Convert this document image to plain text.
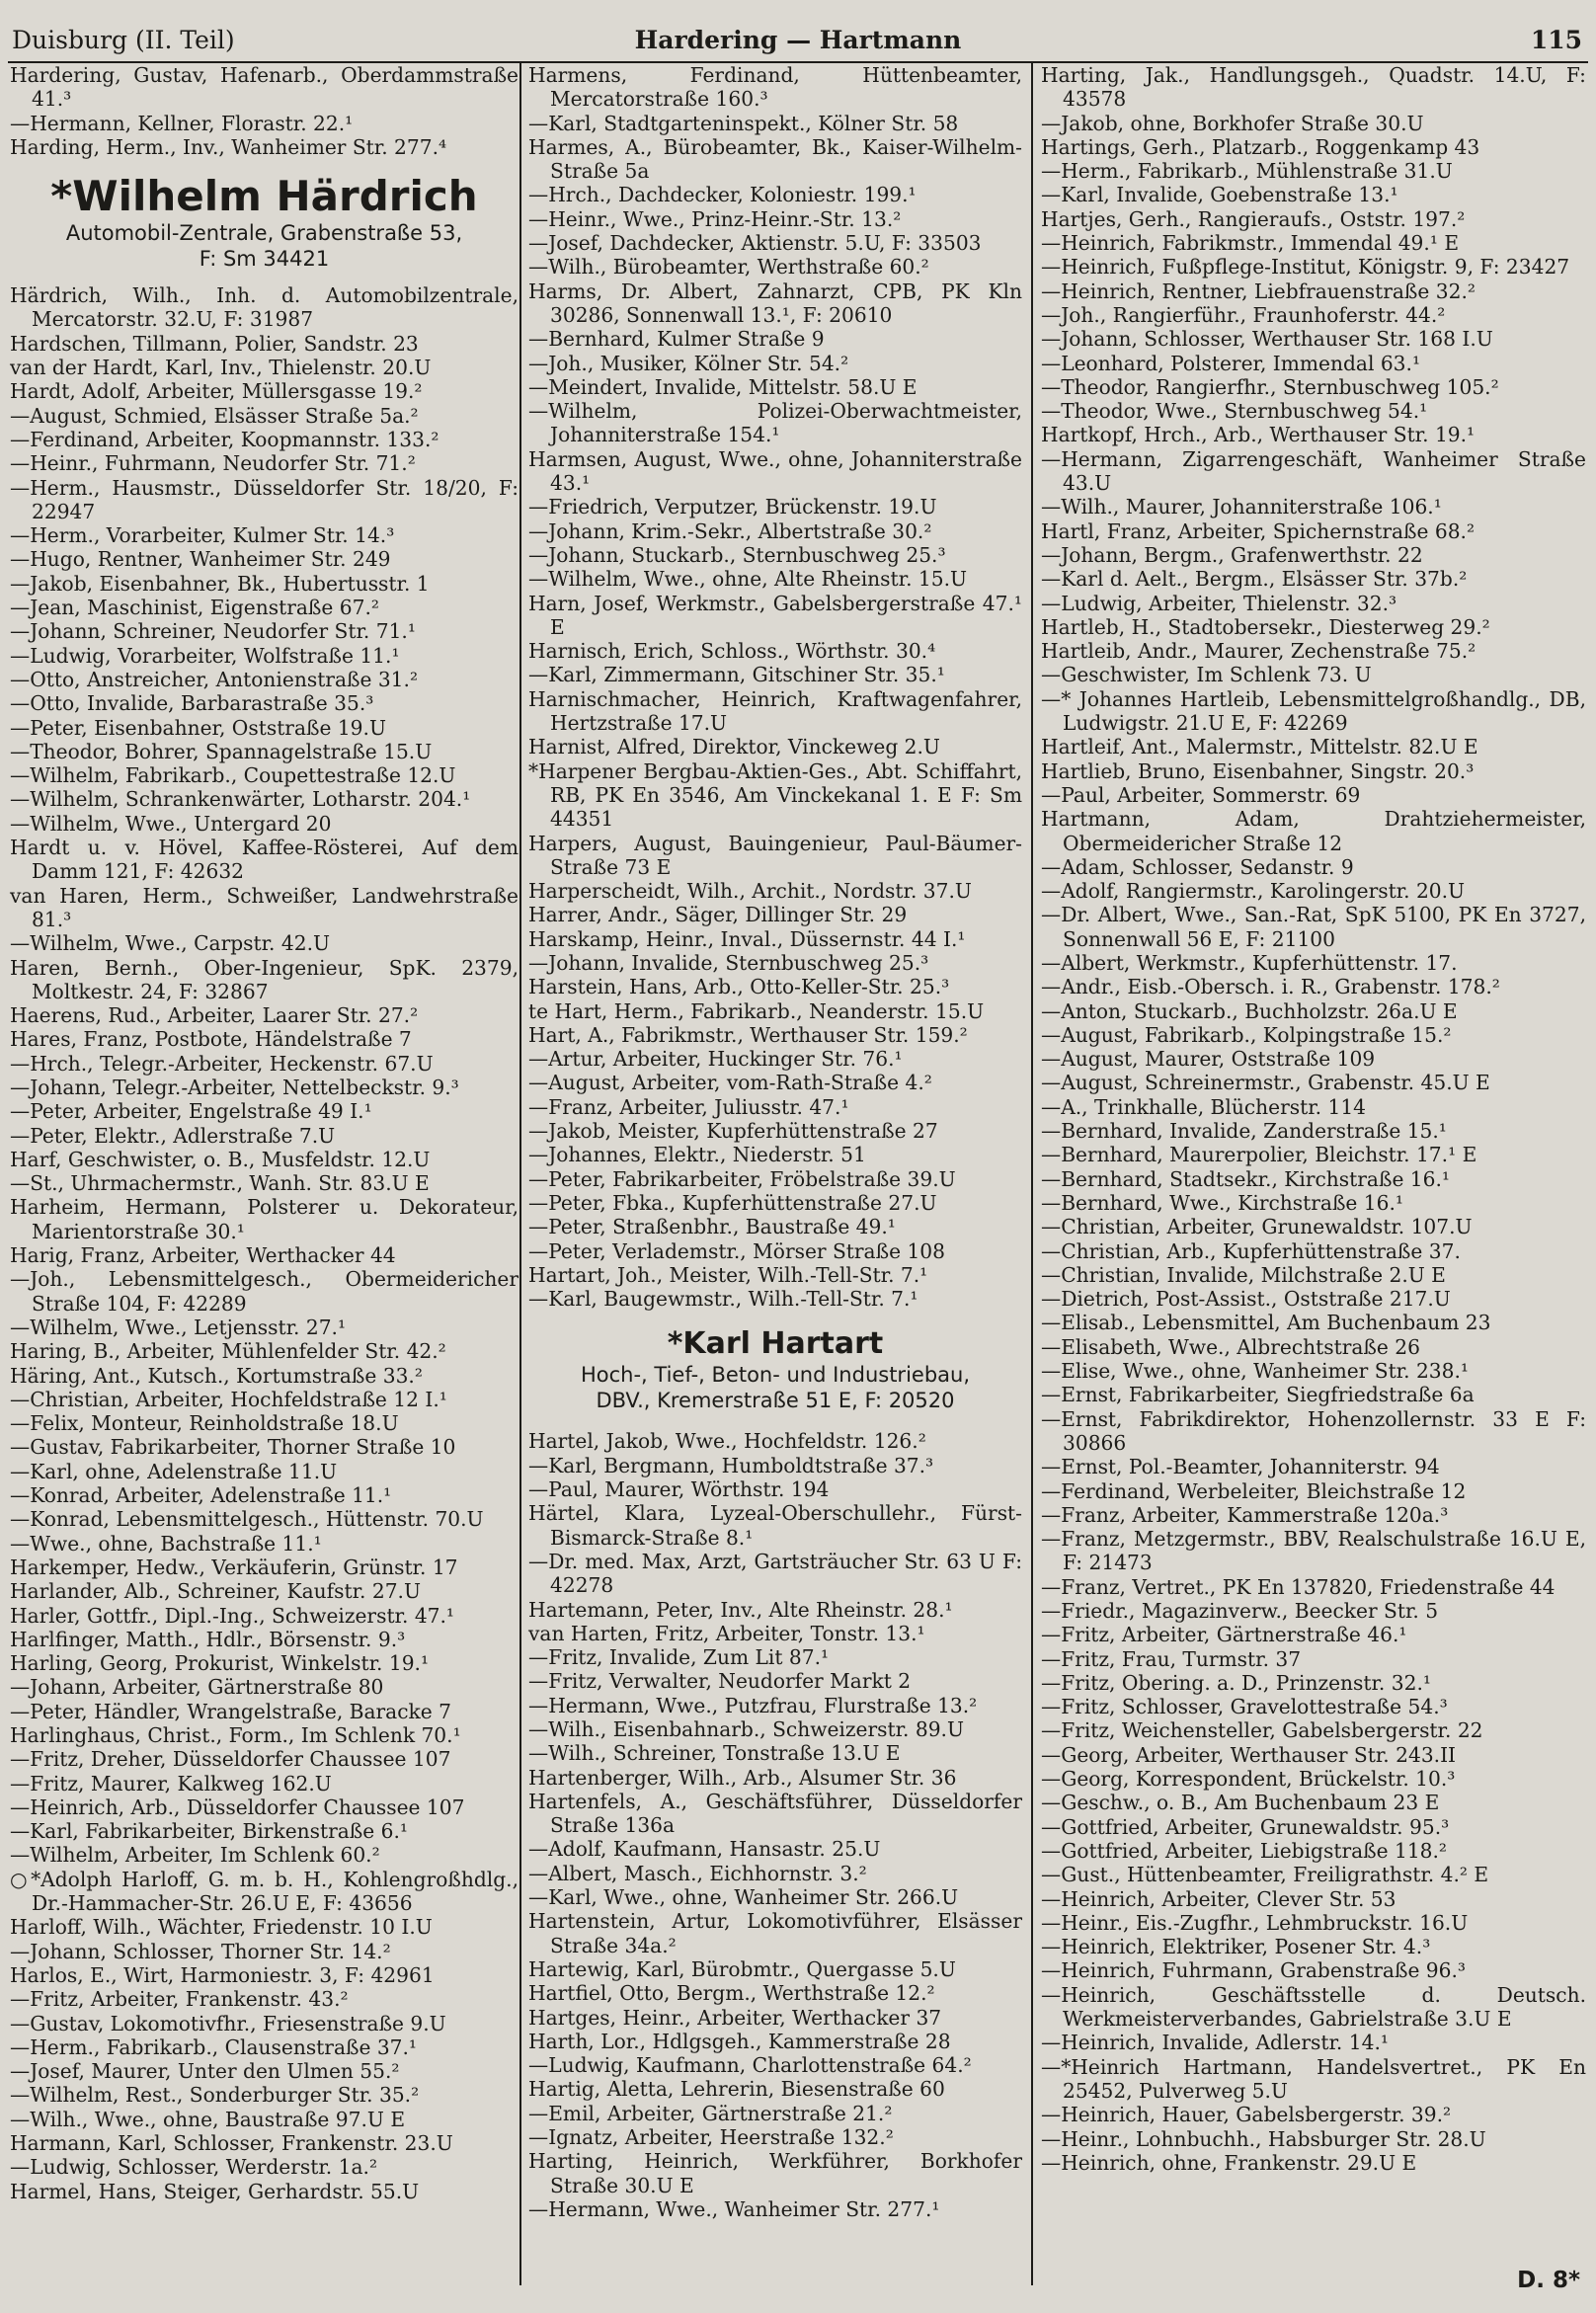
Duisburg (II. Teil)	Hardering — Hartmann	115

Hardering, Gustav, Hafenarb., Oberdammstraße 41.³

—Hermann, Kellner, Florastr. 22.¹

Harding, Herm., Inv., Wanheimer Str. 277.⁴

*Wilhelm Härdrich
Automobil-Zentrale, Grabenstraße 53,
F: Sm 34421

Härdrich, Wilh., Inh. d. Automobilzentrale, Mercatorstr. 32.U, F: 31987

Hardschen, Tillmann, Polier, Sandstr. 23

van der Hardt, Karl, Inv., Thielenstr. 20.U

Hardt, Adolf, Arbeiter, Müllersgasse 19.²

—August, Schmied, Elsässer Straße 5a.²

—Ferdinand, Arbeiter, Koopmannstr. 133.²

—Heinr., Fuhrmann, Neudorfer Str. 71.²

—Herm., Hausmstr., Düsseldorfer Str. 18/20, F: 22947

—Herm., Vorarbeiter, Kulmer Str. 14.³

—Hugo, Rentner, Wanheimer Str. 249

—Jakob, Eisenbahner, Bk., Hubertusstr. 1

—Jean, Maschinist, Eigenstraße 67.²

—Johann, Schreiner, Neudorfer Str. 71.¹

—Ludwig, Vorarbeiter, Wolfstraße 11.¹

—Otto, Anstreicher, Antonienstraße 31.²

—Otto, Invalide, Barbarastraße 35.³

—Peter, Eisenbahner, Oststraße 19.U

—Theodor, Bohrer, Spannagelstraße 15.U

—Wilhelm, Fabrikarb., Coupettestraße 12.U

—Wilhelm, Schrankenwärter, Lotharstr. 204.¹

—Wilhelm, Wwe., Untergard 20

Hardt u. v. Hövel, Kaffee-Rösterei, Auf dem Damm 121, F: 42632

van Haren, Herm., Schweißer, Landwehrstraße 81.³

—Wilhelm, Wwe., Carpstr. 42.U

Haren, Bernh., Ober-Ingenieur, SpK. 2379, Moltkestr. 24, F: 32867

Haerens, Rud., Arbeiter, Laarer Str. 27.²

Hares, Franz, Postbote, Händelstraße 7

—Hrch., Telegr.-Arbeiter, Heckenstr. 67.U

—Johann, Telegr.-Arbeiter, Nettelbeckstr. 9.³

—Peter, Arbeiter, Engelstraße 49 I.¹

—Peter, Elektr., Adlerstraße 7.U

Harf, Geschwister, o. B., Musfeldstr. 12.U

—St., Uhrmachermstr., Wanh. Str. 83.U E

Harheim, Hermann, Polsterer u. Dekorateur, Marientorstraße 30.¹

Harig, Franz, Arbeiter, Werthacker 44

—Joh., Lebensmittelgesch., Obermeidericher Straße 104, F: 42289

—Wilhelm, Wwe., Letjensstr. 27.¹

Haring, B., Arbeiter, Mühlenfelder Str. 42.²

Häring, Ant., Kutsch., Kortumstraße 33.²

—Christian, Arbeiter, Hochfeldstraße 12 I.¹

—Felix, Monteur, Reinholdstraße 18.U

—Gustav, Fabrikarbeiter, Thorner Straße 10

—Karl, ohne, Adelenstraße 11.U

—Konrad, Arbeiter, Adelenstraße 11.¹

—Konrad, Lebensmittelgesch., Hüttenstr. 70.U

—Wwe., ohne, Bachstraße 11.¹

Harkemper, Hedw., Verkäuferin, Grünstr. 17

Harlander, Alb., Schreiner, Kaufstr. 27.U

Harler, Gottfr., Dipl.-Ing., Schweizerstr. 47.¹

Harlfinger, Matth., Hdlr., Börsenstr. 9.³

Harling, Georg, Prokurist, Winkelstr. 19.¹

—Johann, Arbeiter, Gärtnerstraße 80

—Peter, Händler, Wrangelstraße, Baracke 7

Harlinghaus, Christ., Form., Im Schlenk 70.¹

—Fritz, Dreher, Düsseldorfer Chaussee 107

—Fritz, Maurer, Kalkweg 162.U

—Heinrich, Arb., Düsseldorfer Chaussee 107

—Karl, Fabrikarbeiter, Birkenstraße 6.¹

—Wilhelm, Arbeiter, Im Schlenk 60.²

○*Adolph Harloff, G. m. b. H., Kohlengroßhdlg., Dr.-Hammacher-Str. 26.U E, F: 43656

Harloff, Wilh., Wächter, Friedenstr. 10 I.U

—Johann, Schlosser, Thorner Str. 14.²

Harlos, E., Wirt, Harmoniestr. 3, F: 42961

—Fritz, Arbeiter, Frankenstr. 43.²

—Gustav, Lokomotivfhr., Friesenstraße 9.U

—Herm., Fabrikarb., Clausenstraße 37.¹

—Josef, Maurer, Unter den Ulmen 55.²

—Wilhelm, Rest., Sonderburger Str. 35.²

—Wilh., Wwe., ohne, Baustraße 97.U E

Harmann, Karl, Schlosser, Frankenstr. 23.U

—Ludwig, Schlosser, Werderstr. 1a.²

Harmel, Hans, Steiger, Gerhardstr. 55.U

Harmens, Ferdinand, Hüttenbeamter, Mercatorstraße 160.³

—Karl, Stadtgarteninspekt., Kölner Str. 58

Harmes, A., Bürobeamter, Bk., Kaiser-Wilhelm-Straße 5a

—Hrch., Dachdecker, Koloniestr. 199.¹

—Heinr., Wwe., Prinz-Heinr.-Str. 13.²

—Josef, Dachdecker, Aktienstr. 5.U, F: 33503

—Wilh., Bürobeamter, Werthstraße 60.²

Harms, Dr. Albert, Zahnarzt, CPB, PK Kln 30286, Sonnenwall 13.¹, F: 20610

—Bernhard, Kulmer Straße 9

—Joh., Musiker, Kölner Str. 54.²

—Meindert, Invalide, Mittelstr. 58.U E

—Wilhelm, Polizei-Oberwachtmeister, Johanniterstraße 154.¹

Harmsen, August, Wwe., ohne, Johanniterstraße 43.¹

—Friedrich, Verputzer, Brückenstr. 19.U

—Johann, Krim.-Sekr., Albertstraße 30.²

—Johann, Stuckarb., Sternbuschweg 25.³

—Wilhelm, Wwe., ohne, Alte Rheinstr. 15.U

Harn, Josef, Werkmstr., Gabelsbergerstraße 47.¹ E

Harnisch, Erich, Schloss., Wörthstr. 30.⁴

—Karl, Zimmermann, Gitschiner Str. 35.¹

Harnischmacher, Heinrich, Kraftwagenfahrer, Hertzstraße 17.U

Harnist, Alfred, Direktor, Vinckeweg 2.U

*Harpener Bergbau-Aktien-Ges., Abt. Schiffahrt, RB, PK En 3546, Am Vinckekanal 1. E F: Sm 44351

Harpers, August, Bauingenieur, Paul-Bäumer-Straße 73 E

Harperscheidt, Wilh., Archit., Nordstr. 37.U

Harrer, Andr., Säger, Dillinger Str. 29

Harskamp, Heinr., Inval., Düssernstr. 44 I.¹

—Johann, Invalide, Sternbuschweg 25.³

Harstein, Hans, Arb., Otto-Keller-Str. 25.³

te Hart, Herm., Fabrikarb., Neanderstr. 15.U

Hart, A., Fabrikmstr., Werthauser Str. 159.²

—Artur, Arbeiter, Huckinger Str. 76.¹

—August, Arbeiter, vom-Rath-Straße 4.²

—Franz, Arbeiter, Juliusstr. 47.¹

—Jakob, Meister, Kupferhüttenstraße 27

—Johannes, Elektr., Niederstr. 51

—Peter, Fabrikarbeiter, Fröbelstraße 39.U

—Peter, Fbka., Kupferhüttenstraße 27.U

—Peter, Straßenbhr., Baustraße 49.¹

—Peter, Verlademstr., Mörser Straße 108

Hartart, Joh., Meister, Wilh.-Tell-Str. 7.¹

—Karl, Baugewmstr., Wilh.-Tell-Str. 7.¹

*Karl Hartart
Hoch-, Tief-, Beton- und Industriebau,
DBV., Kremerstraße 51 E, F: 20520

Hartel, Jakob, Wwe., Hochfeldstr. 126.²

—Karl, Bergmann, Humboldtstraße 37.³

—Paul, Maurer, Wörthstr. 194

Härtel, Klara, Lyzeal-Oberschullehr., Fürst-Bismarck-Straße 8.¹

—Dr. med. Max, Arzt, Gartsträucher Str. 63 U F: 42278

Hartemann, Peter, Inv., Alte Rheinstr. 28.¹

van Harten, Fritz, Arbeiter, Tonstr. 13.¹

—Fritz, Invalide, Zum Lit 87.¹

—Fritz, Verwalter, Neudorfer Markt 2

—Hermann, Wwe., Putzfrau, Flurstraße 13.²

—Wilh., Eisenbahnarb., Schweizerstr. 89.U

—Wilh., Schreiner, Tonstraße 13.U E

Hartenberger, Wilh., Arb., Alsumer Str. 36

Hartenfels, A., Geschäftsführer, Düsseldorfer Straße 136a

—Adolf, Kaufmann, Hansastr. 25.U

—Albert, Masch., Eichhornstr. 3.²

—Karl, Wwe., ohne, Wanheimer Str. 266.U

Hartenstein, Artur, Lokomotivführer, Elsässer Straße 34a.²

Hartewig, Karl, Bürobmtr., Quergasse 5.U

Hartfiel, Otto, Bergm., Werthstraße 12.²

Hartges, Heinr., Arbeiter, Werthacker 37

Harth, Lor., Hdlgsgeh., Kammerstraße 28

—Ludwig, Kaufmann, Charlottenstraße 64.²

Hartig, Aletta, Lehrerin, Biesenstraße 60

—Emil, Arbeiter, Gärtnerstraße 21.²

—Ignatz, Arbeiter, Heerstraße 132.²

Harting, Heinrich, Werkführer, Borkhofer Straße 30.U E

—Hermann, Wwe., Wanheimer Str. 277.¹

Harting, Jak., Handlungsgeh., Quadstr. 14.U, F: 43578

—Jakob, ohne, Borkhofer Straße 30.U

Hartings, Gerh., Platzarb., Roggenkamp 43

—Herm., Fabrikarb., Mühlenstraße 31.U

—Karl, Invalide, Goebenstraße 13.¹

Hartjes, Gerh., Rangieraufs., Oststr. 197.²

—Heinrich, Fabrikmstr., Immendal 49.¹ E

—Heinrich, Fußpflege-Institut, Königstr. 9, F: 23427

—Heinrich, Rentner, Liebfrauenstraße 32.²

—Joh., Rangierführ., Fraunhoferstr. 44.²

—Johann, Schlosser, Werthauser Str. 168 I.U

—Leonhard, Polsterer, Immendal 63.¹

—Theodor, Rangierfhr., Sternbuschweg 105.²

—Theodor, Wwe., Sternbuschweg 54.¹

Hartkopf, Hrch., Arb., Werthauser Str. 19.¹

—Hermann, Zigarrengeschäft, Wanheimer Straße 43.U

—Wilh., Maurer, Johanniterstraße 106.¹

Hartl, Franz, Arbeiter, Spichernstraße 68.²

—Johann, Bergm., Grafenwerthstr. 22

—Karl d. Aelt., Bergm., Elsässer Str. 37b.²

—Ludwig, Arbeiter, Thielenstr. 32.³

Hartleb, H., Stadtobersekr., Diesterweg 29.²

Hartleib, Andr., Maurer, Zechenstraße 75.²

—Geschwister, Im Schlenk 73. U

—* Johannes Hartleib, Lebensmittelgroßhandlg., DB, Ludwigstr. 21.U E, F: 42269

Hartleif, Ant., Malermstr., Mittelstr. 82.U E

Hartlieb, Bruno, Eisenbahner, Singstr. 20.³

—Paul, Arbeiter, Sommerstr. 69

Hartmann, Adam, Drahtziehermeister, Obermeidericher Straße 12

—Adam, Schlosser, Sedanstr. 9

—Adolf, Rangiermstr., Karolingerstr. 20.U

—Dr. Albert, Wwe., San.-Rat, SpK 5100, PK En 3727, Sonnenwall 56 E, F: 21100

—Albert, Werkmstr., Kupferhüttenstr. 17.

—Andr., Eisb.-Obersch. i. R., Grabenstr. 178.²

—Anton, Stuckarb., Buchholzstr. 26a.U E

—August, Fabrikarb., Kolpingstraße 15.²

—August, Maurer, Oststraße 109

—August, Schreinermstr., Grabenstr. 45.U E

—A., Trinkhalle, Blücherstr. 114

—Bernhard, Invalide, Zanderstraße 15.¹

—Bernhard, Maurerpolier, Bleichstr. 17.¹ E

—Bernhard, Stadtsekr., Kirchstraße 16.¹

—Bernhard, Wwe., Kirchstraße 16.¹

—Christian, Arbeiter, Grunewaldstr. 107.U

—Christian, Arb., Kupferhüttenstraße 37.

—Christian, Invalide, Milchstraße 2.U E

—Dietrich, Post-Assist., Oststraße 217.U

—Elisab., Lebensmittel, Am Buchenbaum 23

—Elisabeth, Wwe., Albrechtstraße 26

—Elise, Wwe., ohne, Wanheimer Str. 238.¹

—Ernst, Fabrikarbeiter, Siegfriedstraße 6a

—Ernst, Fabrikdirektor, Hohenzollernstr. 33 E F: 30866

—Ernst, Pol.-Beamter, Johanniterstr. 94

—Ferdinand, Werbeleiter, Bleichstraße 12

—Franz, Arbeiter, Kammerstraße 120a.³

—Franz, Metzgermstr., BBV, Realschulstraße 16.U E, F: 21473

—Franz, Vertret., PK En 137820, Friedenstraße 44

—Friedr., Magazinverw., Beecker Str. 5

—Fritz, Arbeiter, Gärtnerstraße 46.¹

—Fritz, Frau, Turmstr. 37

—Fritz, Obering. a. D., Prinzenstr. 32.¹

—Fritz, Schlosser, Gravelottestraße 54.³

—Fritz, Weichensteller, Gabelsbergerstr. 22

—Georg, Arbeiter, Werthauser Str. 243.II

—Georg, Korrespondent, Brückelstr. 10.³

—Geschw., o. B., Am Buchenbaum 23 E

—Gottfried, Arbeiter, Grunewaldstr. 95.³

—Gottfried, Arbeiter, Liebigstraße 118.²

—Gust., Hüttenbeamter, Freiligrathstr. 4.² E

—Heinrich, Arbeiter, Clever Str. 53

—Heinr., Eis.-Zugfhr., Lehmbruckstr. 16.U

—Heinrich, Elektriker, Posener Str. 4.³

—Heinrich, Fuhrmann, Grabenstraße 96.³

—Heinrich, Geschäftsstelle d. Deutsch. Werkmeisterverbandes, Gabrielstraße 3.U E

—Heinrich, Invalide, Adlerstr. 14.¹

—*Heinrich Hartmann, Handelsvertret., PK En 25452, Pulverweg 5.U

—Heinrich, Hauer, Gabelsbergerstr. 39.²

—Heinr., Lohnbuchh., Habsburger Str. 28.U

—Heinrich, ohne, Frankenstr. 29.U E

D. 8*
